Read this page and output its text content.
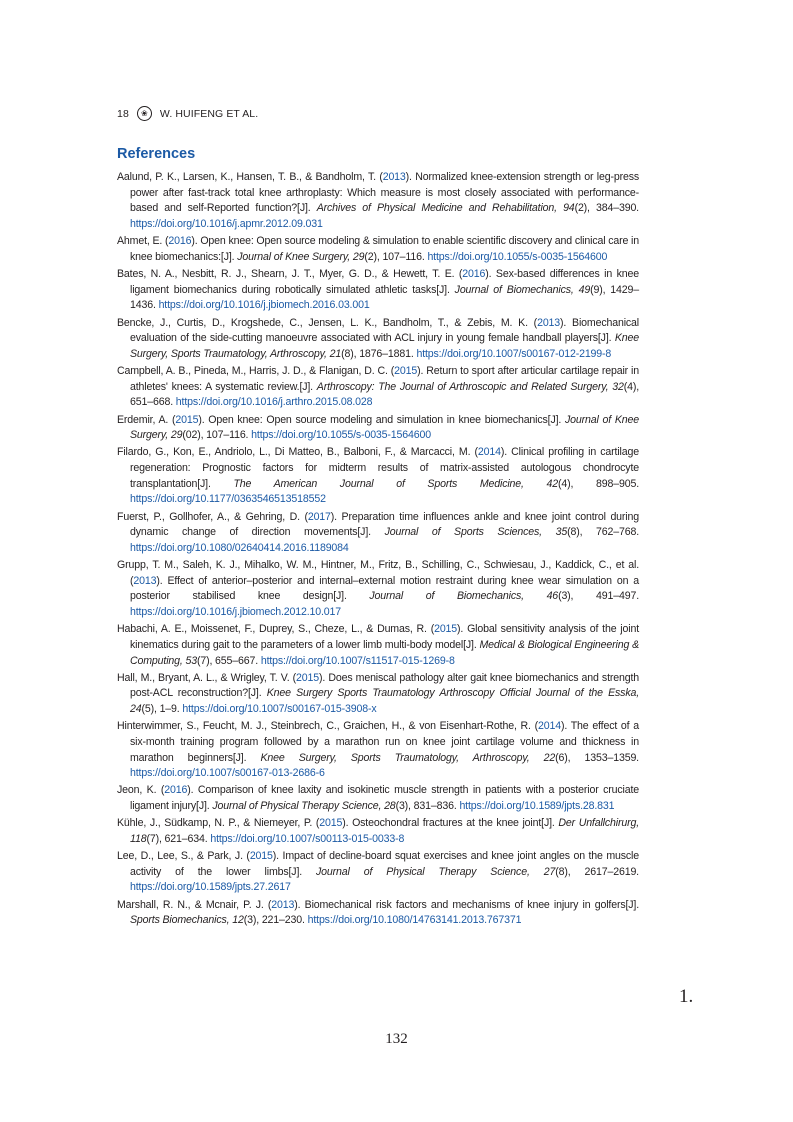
18	❀	W. HUIFENG ET AL.
References

Aalund, P. K., Larsen, K., Hansen, T. B., & Bandholm, T. (2013). Normalized knee-extension strength or leg-press power after fast-track total knee arthroplasty: Which measure is most closely associated with performance-based and self-Reported function?[J]. Archives of Physical Medicine and Rehabilitation, 94(2), 384–390. https://doi.org/10.1016/j.apmr.2012.09.031

Ahmet, E. (2016). Open knee: Open source modeling & simulation to enable scientific discovery and clinical care in knee biomechanics:[J]. Journal of Knee Surgery, 29(2), 107–116. https://doi.org/10.1055/s-0035-1564600

Bates, N. A., Nesbitt, R. J., Shearn, J. T., Myer, G. D., & Hewett, T. E. (2016). Sex-based differences in knee ligament biomechanics during robotically simulated athletic tasks[J]. Journal of Biomechanics, 49(9), 1429–1436. https://doi.org/10.1016/j.jbiomech.2016.03.001

Bencke, J., Curtis, D., Krogshede, C., Jensen, L. K., Bandholm, T., & Zebis, M. K. (2013). Biomechanical evaluation of the side-cutting manoeuvre associated with ACL injury in young female handball players[J]. Knee Surgery, Sports Traumatology, Arthroscopy, 21(8), 1876–1881. https://doi.org/10.1007/s00167-012-2199-8

Campbell, A. B., Pineda, M., Harris, J. D., & Flanigan, D. C. (2015). Return to sport after articular cartilage repair in athletes' knees: A systematic review.[J]. Arthroscopy: The Journal of Arthroscopic and Related Surgery, 32(4), 651–668. https://doi.org/10.1016/j.arthro.2015.08.028

Erdemir, A. (2015). Open knee: Open source modeling and simulation in knee biomechanics[J]. Journal of Knee Surgery, 29(02), 107–116. https://doi.org/10.1055/s-0035-1564600

Filardo, G., Kon, E., Andriolo, L., Di Matteo, B., Balboni, F., & Marcacci, M. (2014). Clinical profiling in cartilage regeneration: Prognostic factors for midterm results of matrix-assisted autologous chondrocyte transplantation[J]. The American Journal of Sports Medicine, 42(4), 898–905. https://doi.org/10.1177/0363546513518552

Fuerst, P., Gollhofer, A., & Gehring, D. (2017). Preparation time influences ankle and knee joint control during dynamic change of direction movements[J]. Journal of Sports Sciences, 35(8), 762–768. https://doi.org/10.1080/02640414.2016.1189084

Grupp, T. M., Saleh, K. J., Mihalko, W. M., Hintner, M., Fritz, B., Schilling, C., Schwiesau, J., Kaddick, C., et al. (2013). Effect of anterior–posterior and internal–external motion restraint during knee wear simulation on a posterior stabilised knee design[J]. Journal of Biomechanics, 46(3), 491–497. https://doi.org/10.1016/j.jbiomech.2012.10.017

Habachi, A. E., Moissenet, F., Duprey, S., Cheze, L., & Dumas, R. (2015). Global sensitivity analysis of the joint kinematics during gait to the parameters of a lower limb multi-body model[J]. Medical & Biological Engineering & Computing, 53(7), 655–667. https://doi.org/10.1007/s11517-015-1269-8

Hall, M., Bryant, A. L., & Wrigley, T. V. (2015). Does meniscal pathology alter gait knee biomechanics and strength post-ACL reconstruction?[J]. Knee Surgery Sports Traumatology Arthroscopy Official Journal of the Esska, 24(5), 1–9. https://doi.org/10.1007/s00167-015-3908-x

Hinterwimmer, S., Feucht, M. J., Steinbrech, C., Graichen, H., & von Eisenhart-Rothe, R. (2014). The effect of a six-month training program followed by a marathon run on knee joint cartilage volume and thickness in marathon beginners[J]. Knee Surgery, Sports Traumatology, Arthroscopy, 22(6), 1353–1359. https://doi.org/10.1007/s00167-013-2686-6

Jeon, K. (2016). Comparison of knee laxity and isokinetic muscle strength in patients with a posterior cruciate ligament injury[J]. Journal of Physical Therapy Science, 28(3), 831–836. https://doi.org/10.1589/jpts.28.831

Kühle, J., Südkamp, N. P., & Niemeyer, P. (2015). Osteochondral fractures at the knee joint[J]. Der Unfallchirurg, 118(7), 621–634. https://doi.org/10.1007/s00113-015-0033-8

Lee, D., Lee, S., & Park, J. (2015). Impact of decline-board squat exercises and knee joint angles on the muscle activity of the lower limbs[J]. Journal of Physical Therapy Science, 27(8), 2617–2619. https://doi.org/10.1589/jpts.27.2617

Marshall, R. N., & Mcnair, P. J. (2013). Biomechanical risk factors and mechanisms of knee injury in golfers[J]. Sports Biomechanics, 12(3), 221–230. https://doi.org/10.1080/14763141.2013.767371

1.
132
